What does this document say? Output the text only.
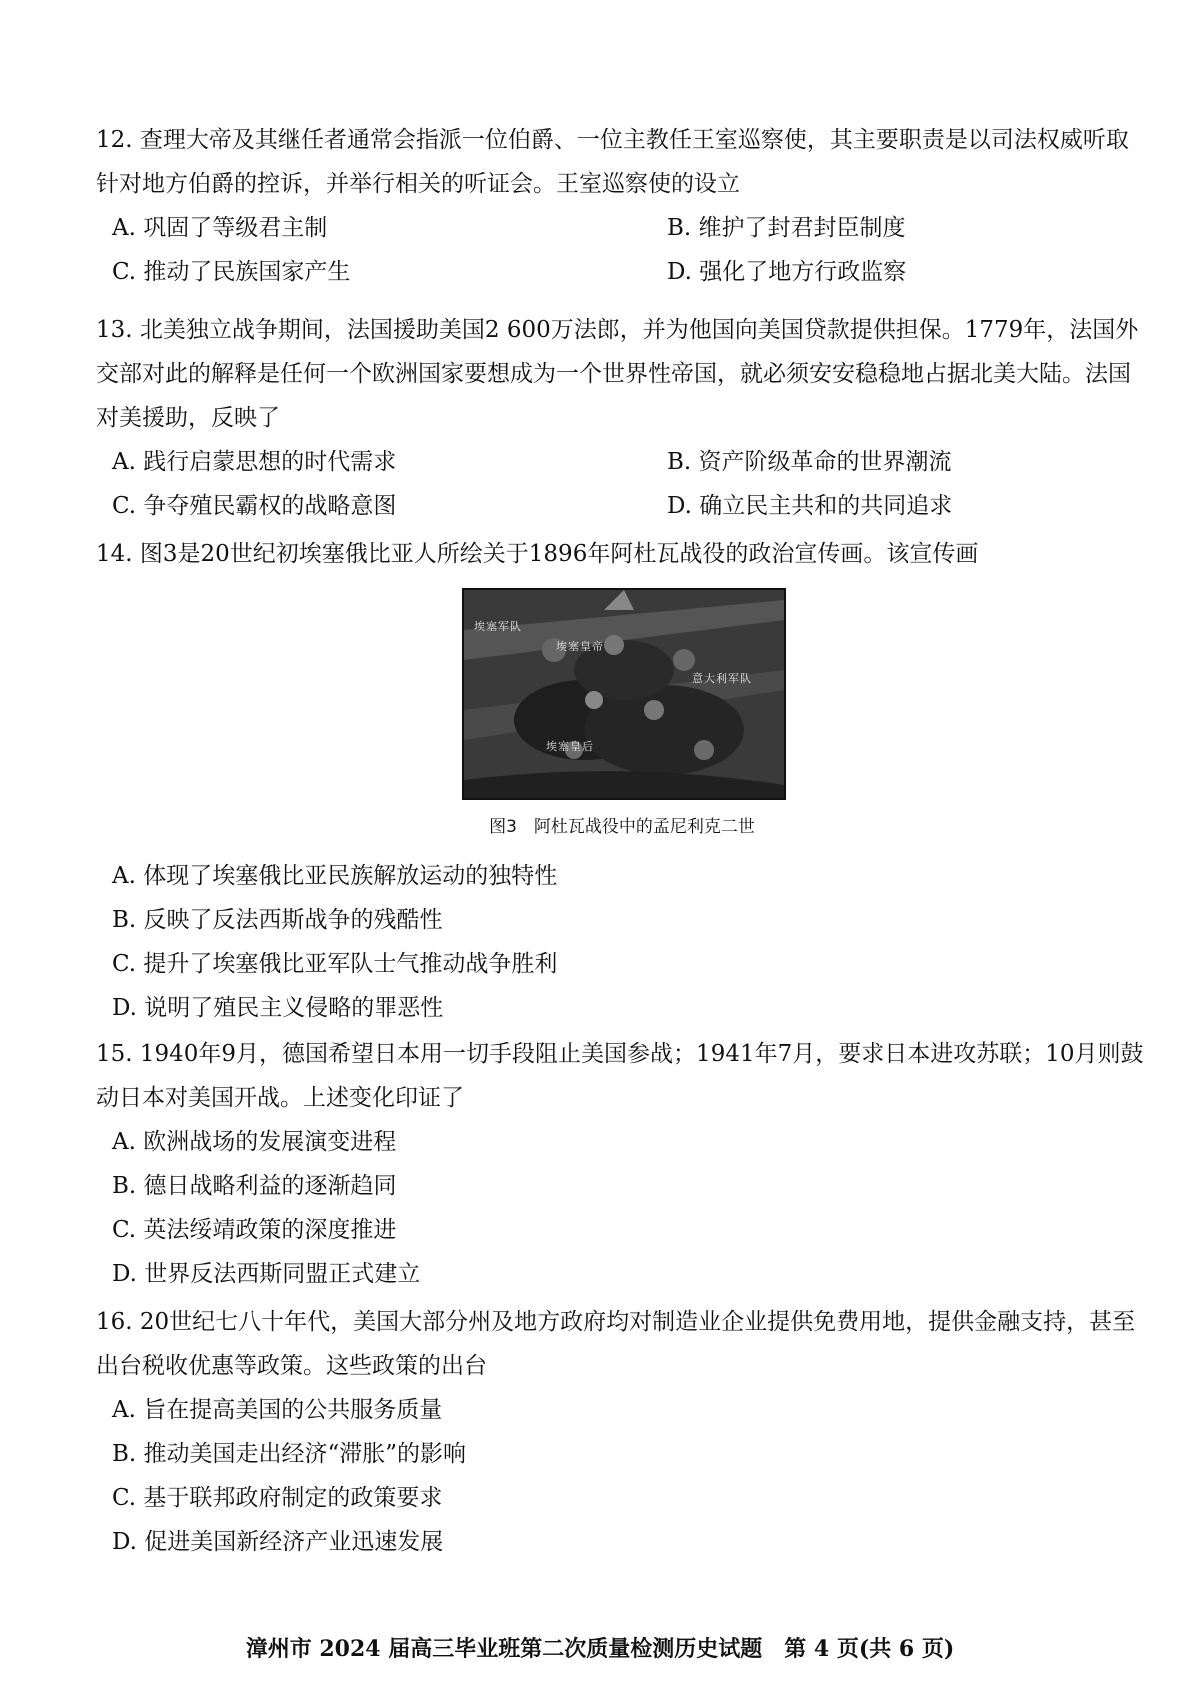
12. 查理大帝及其继任者通常会指派一位伯爵、一位主教任王室巡察使，其主要职责是以司法权威听取针对地方伯爵的控诉，并举行相关的听证会。王室巡察使的设立

A. 巩固了等级君主制	B. 维护了封君封臣制度
C. 推动了民族国家产生	D. 强化了地方行政监察

13. 北美独立战争期间，法国援助美国2 600万法郎，并为他国向美国贷款提供担保。1779年，法国外交部对此的解释是任何一个欧洲国家要想成为一个世界性帝国，就必须安安稳稳地占据北美大陆。法国对美援助，反映了

A. 践行启蒙思想的时代需求	B. 资产阶级革命的世界潮流
C. 争夺殖民霸权的战略意图	D. 确立民主共和的共同追求

14. 图3是20世纪初埃塞俄比亚人所绘关于1896年阿杜瓦战役的政治宣传画。该宣传画

埃塞军队
埃塞皇帝
意大利军队
埃塞皇后
图3　阿杜瓦战役中的孟尼利克二世
A. 体现了埃塞俄比亚民族解放运动的独特性
B. 反映了反法西斯战争的残酷性
C. 提升了埃塞俄比亚军队士气推动战争胜利
D. 说明了殖民主义侵略的罪恶性

15. 1940年9月，德国希望日本用一切手段阻止美国参战；1941年7月，要求日本进攻苏联；10月则鼓动日本对美国开战。上述变化印证了

A. 欧洲战场的发展演变进程
B. 德日战略利益的逐渐趋同
C. 英法绥靖政策的深度推进
D. 世界反法西斯同盟正式建立

16. 20世纪七八十年代，美国大部分州及地方政府均对制造业企业提供免费用地，提供金融支持，甚至出台税收优惠等政策。这些政策的出台

A. 旨在提高美国的公共服务质量
B. 推动美国走出经济“滞胀”的影响
C. 基于联邦政府制定的政策要求
D. 促进美国新经济产业迅速发展
漳州市 2024 届高三毕业班第二次质量检测历史试题　第 4 页(共 6 页)
